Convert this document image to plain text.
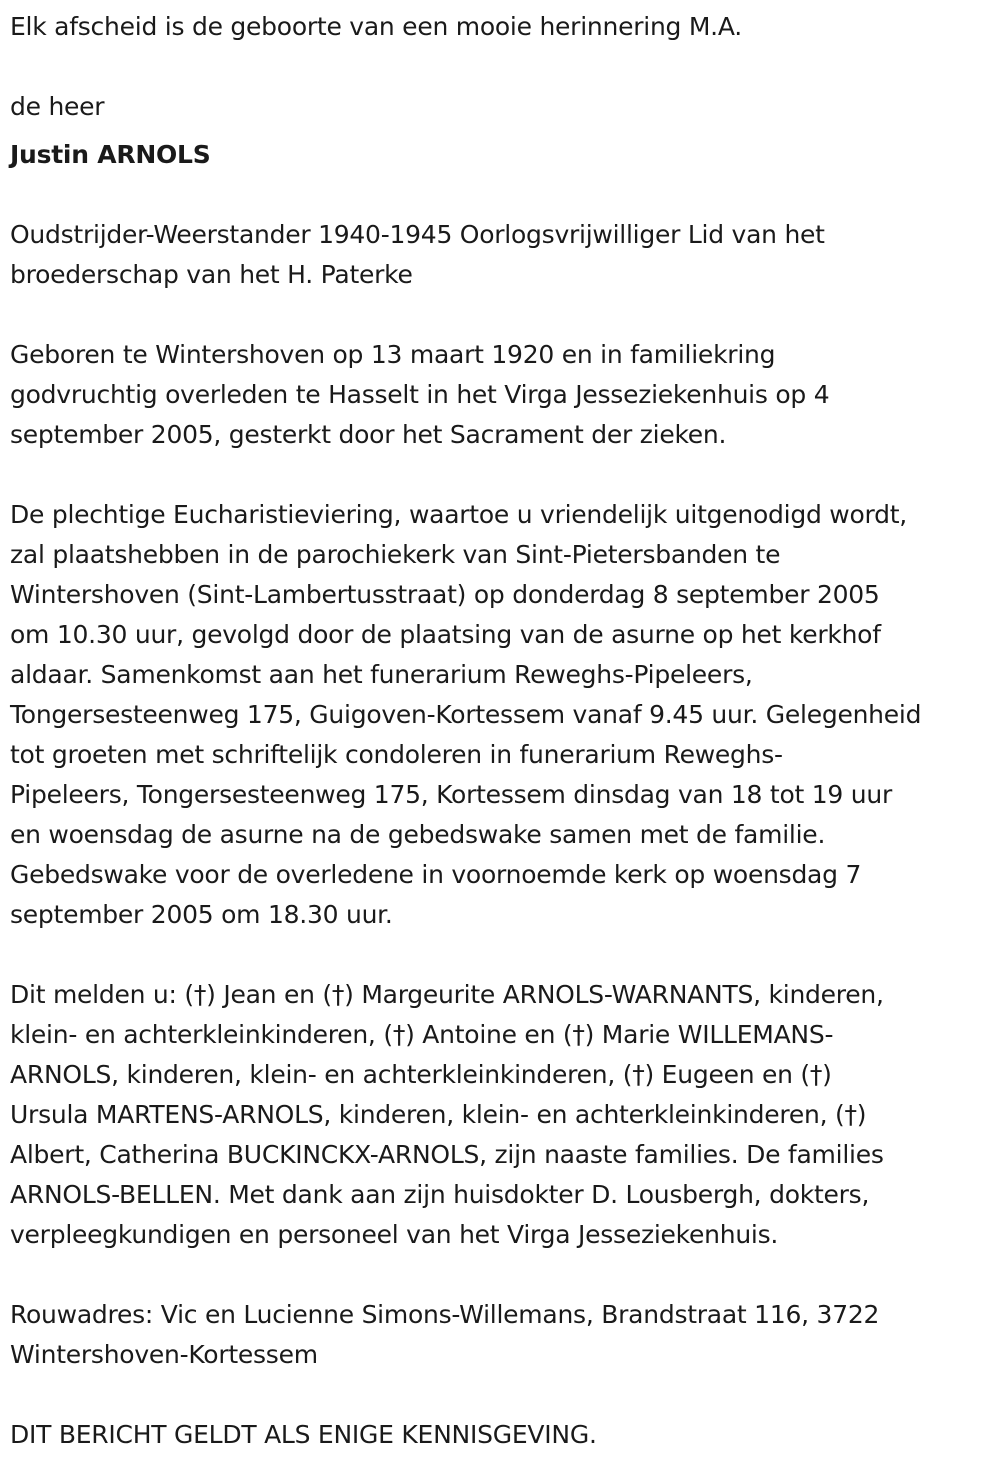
Elk afscheid is de geboorte van een mooie herinnering M.A.

de heer

Justin ARNOLS

Oudstrijder-Weerstander 1940-1945 Oorlogsvrijwilliger Lid van het
broederschap van het H. Paterke

Geboren te Wintershoven op 13 maart 1920 en in familiekring
godvruchtig overleden te Hasselt in het Virga Jesseziekenhuis op 4
september 2005, gesterkt door het Sacrament der zieken.

De plechtige Eucharistieviering, waartoe u vriendelijk uitgenodigd wordt,
zal plaatshebben in de parochiekerk van Sint-Pietersbanden te
Wintershoven (Sint-Lambertusstraat) op donderdag 8 september 2005
om 10.30 uur, gevolgd door de plaatsing van de asurne op het kerkhof
aldaar. Samenkomst aan het funerarium Reweghs-Pipeleers,
Tongersesteenweg 175, Guigoven-Kortessem vanaf 9.45 uur. Gelegenheid
tot groeten met schriftelijk condoleren in funerarium Reweghs-
Pipeleers, Tongersesteenweg 175, Kortessem dinsdag van 18 tot 19 uur
en woensdag de asurne na de gebedswake samen met de familie.
Gebedswake voor de overledene in voornoemde kerk op woensdag 7
september 2005 om 18.30 uur.

Dit melden u: (†) Jean en (†) Margeurite ARNOLS-WARNANTS, kinderen,
klein- en achterkleinkinderen, (†) Antoine en (†) Marie WILLEMANS-
ARNOLS, kinderen, klein- en achterkleinkinderen, (†) Eugeen en (†)
Ursula MARTENS-ARNOLS, kinderen, klein- en achterkleinkinderen, (†)
Albert, Catherina BUCKINCKX-ARNOLS, zijn naaste families. De families
ARNOLS-BELLEN. Met dank aan zijn huisdokter D. Lousbergh, dokters,
verpleegkundigen en personeel van het Virga Jesseziekenhuis.

Rouwadres: Vic en Lucienne Simons-Willemans, Brandstraat 116, 3722
Wintershoven-Kortessem

DIT BERICHT GELDT ALS ENIGE KENNISGEVING.
